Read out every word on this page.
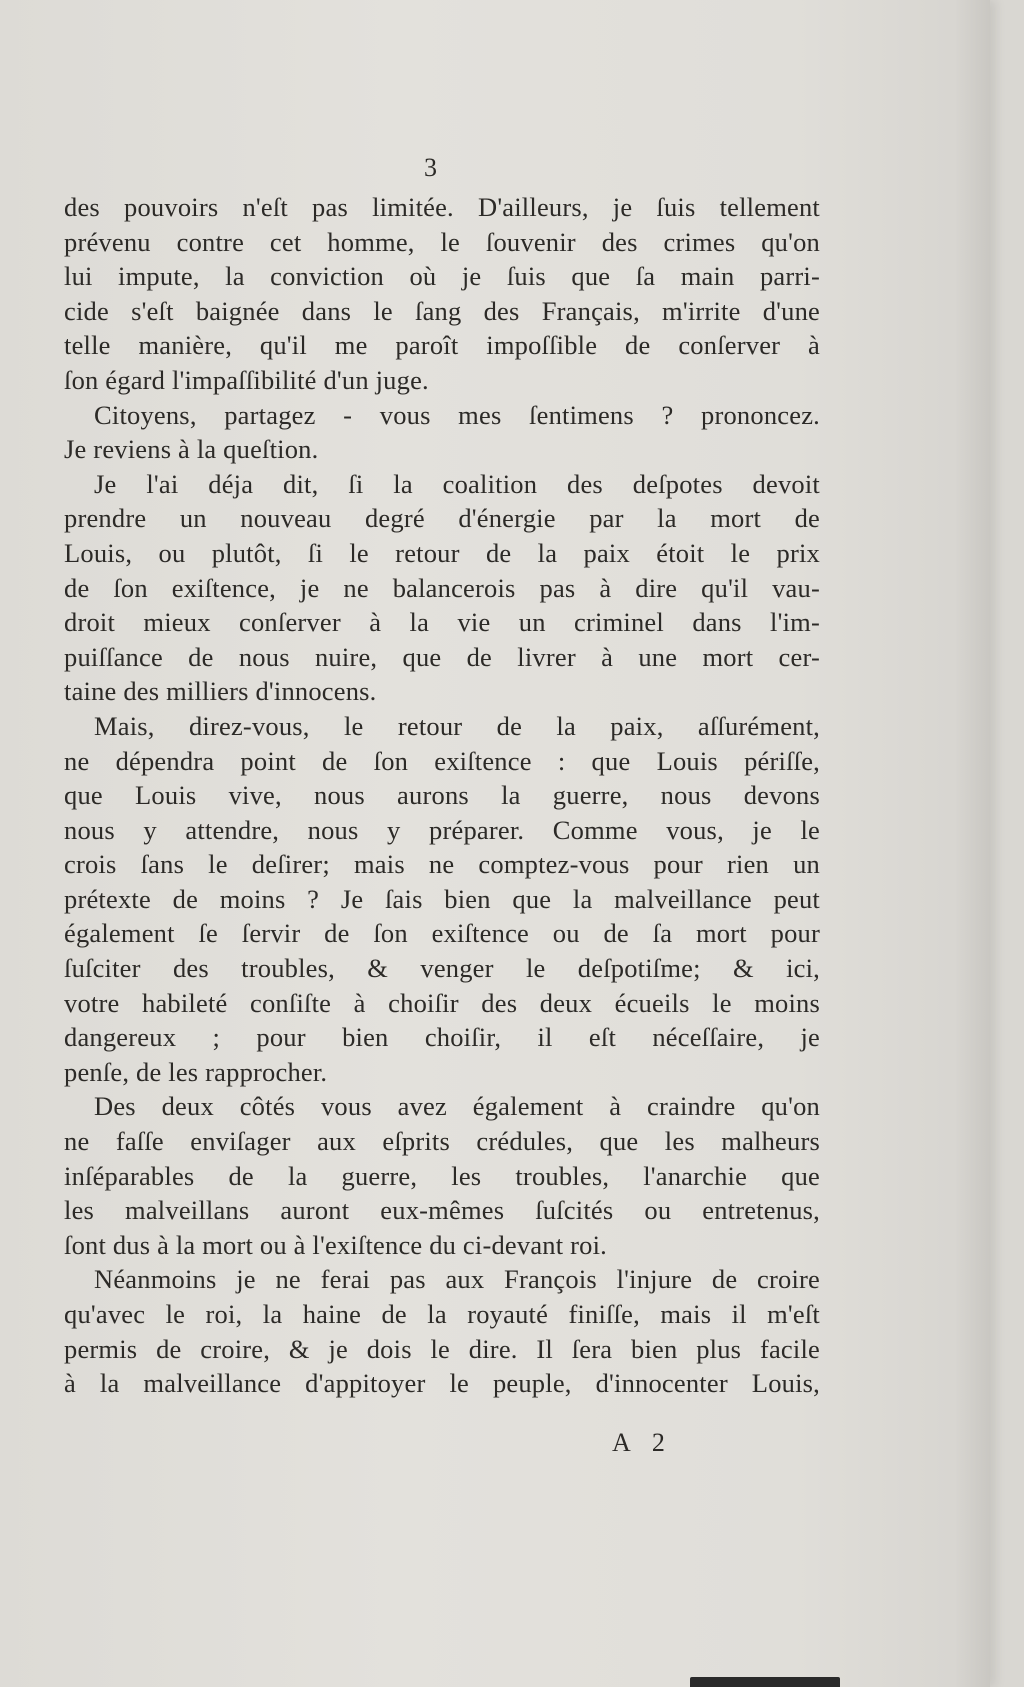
3
des pouvoirs n'eſt pas limitée. D'ailleurs, je ſuis tellement
prévenu contre cet homme, le ſouvenir des crimes qu'on
lui impute, la conviction où je ſuis que ſa main parri-
cide s'eſt baignée dans le ſang des Français, m'irrite d'une
telle manière, qu'il me paroît impoſſible de conſerver à
ſon égard l'impaſſibilité d'un juge.
Citoyens, partagez - vous mes ſentimens ? prononcez.
Je reviens à la queſtion.
Je l'ai déja dit, ſi la coalition des deſpotes devoit
prendre un nouveau degré d'énergie par la mort de
Louis, ou plutôt, ſi le retour de la paix étoit le prix
de ſon exiſtence, je ne balancerois pas à dire qu'il vau-
droit mieux conſerver à la vie un criminel dans l'im-
puiſſance de nous nuire, que de livrer à une mort cer-
taine des milliers d'innocens.
Mais, direz-vous, le retour de la paix, aſſurément,
ne dépendra point de ſon exiſtence : que Louis périſſe,
que Louis vive, nous aurons la guerre, nous devons
nous y attendre, nous y préparer. Comme vous, je le
crois ſans le deſirer; mais ne comptez-vous pour rien un
prétexte de moins ? Je ſais bien que la malveillance peut
également ſe ſervir de ſon exiſtence ou de ſa mort pour
ſuſciter des troubles, & venger le deſpotiſme; & ici,
votre habileté conſiſte à choiſir des deux écueils le moins
dangereux ; pour bien choiſir, il eſt néceſſaire, je
penſe, de les rapprocher.
Des deux côtés vous avez également à craindre qu'on
ne faſſe enviſager aux eſprits crédules, que les malheurs
inſéparables de la guerre, les troubles, l'anarchie que
les malveillans auront eux-mêmes ſuſcités ou entretenus,
ſont dus à la mort ou à l'exiſtence du ci-devant roi.
Néanmoins je ne ferai pas aux François l'injure de croire
qu'avec le roi, la haine de la royauté finiſſe, mais il m'eſt
permis de croire, & je dois le dire. Il ſera bien plus facile
à la malveillance d'appitoyer le peuple, d'innocenter Louis,
A 2
